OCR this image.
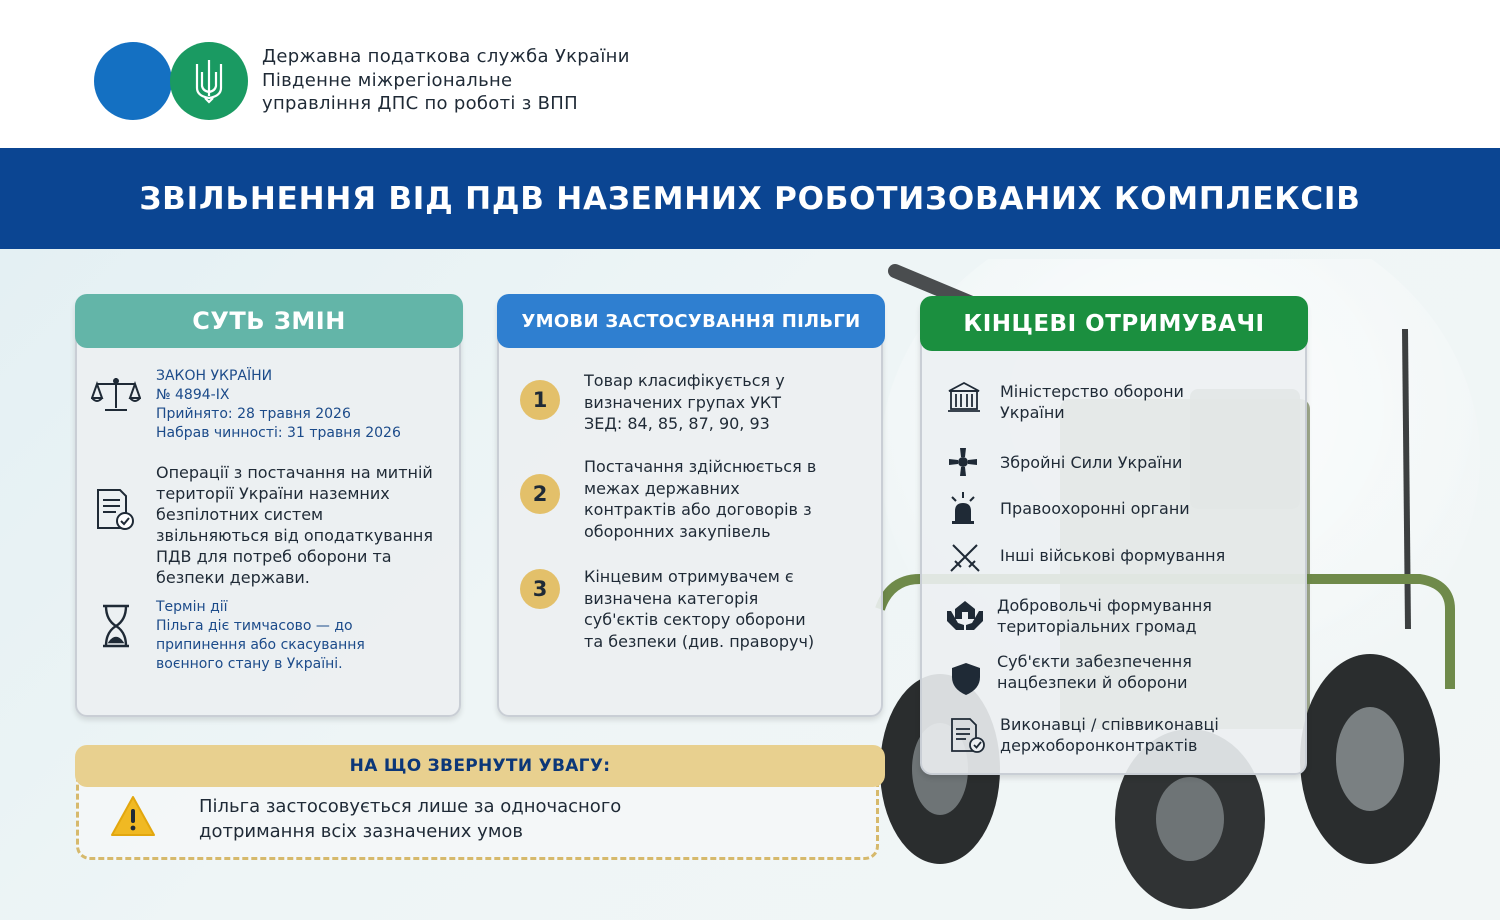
Державна податкова служба України
Південне міжрегіональне
управління ДПС по роботі з ВПП
ЗВІЛЬНЕННЯ ВІД ПДВ НАЗЕМНИХ РОБОТИЗОВАНИХ КОМПЛЕКСІВ
СУТЬ ЗМІН
ЗАКОН УКРАЇНИ
№ 4894-IX
Прийнято: 28 травня 2026
Набрав чинності: 31 травня 2026
Операції з постачання на митній
території України наземних
безпілотних систем
звільняються від оподаткування
ПДВ для потреб оборони та
безпеки держави.
Термін дії
Пільга діє тимчасово — до
припинення або скасування
воєнного стану в Україні.
УМОВИ ЗАСТОСУВАННЯ ПІЛЬГИ
1
Товар класифікується у
визначених групах УКТ
ЗЕД: 84, 85, 87, 90, 93
2
Постачання здійснюється в
межах державних
контрактів або договорів з
оборонних закупівель
3
Кінцевим отримувачем є
визначена категорія
суб'єктів сектору оборони
та безпеки (див. праворуч)
КІНЦЕВІ ОТРИМУВАЧІ
Міністерство оборони
України
Збройні Сили України
Правоохоронні органи
Інші військові формування
Добровольчі формування
територіальних громад
Суб'єкти забезпечення
нацбезпеки й оборони
Виконавці / співвиконавці
держоборонконтрактів
НА ЩО ЗВЕРНУТИ УВАГУ:
Пільга застосовується лише за одночасного
дотримання всіх зазначених умов
